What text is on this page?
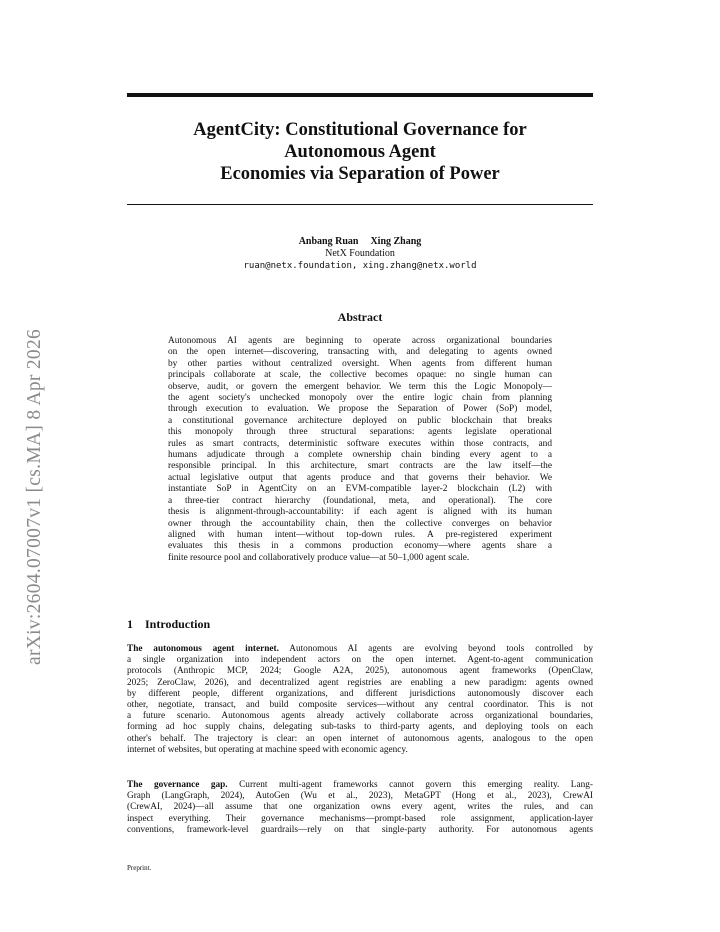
arXiv:2604.07007v1 [cs.MA] 8 Apr 2026
AgentCity: Constitutional Governance for
Autonomous Agent
Economies via Separation of Power
Anbang Ruan Xing Zhang
NetX Foundation
ruan@netx.foundation, xing.zhang@netx.world
Abstract
Autonomous AI agents are beginning to operate across organizational boundaries
on the open internet—discovering, transacting with, and delegating to agents owned
by other parties without centralized oversight. When agents from different human
principals collaborate at scale, the collective becomes opaque: no single human can
observe, audit, or govern the emergent behavior. We term this the Logic Monopoly—
the agent society's unchecked monopoly over the entire logic chain from planning
through execution to evaluation. We propose the Separation of Power (SoP) model,
a constitutional governance architecture deployed on public blockchain that breaks
this monopoly through three structural separations: agents legislate operational
rules as smart contracts, deterministic software executes within those contracts, and
humans adjudicate through a complete ownership chain binding every agent to a
responsible principal. In this architecture, smart contracts are the law itself—the
actual legislative output that agents produce and that governs their behavior. We
instantiate SoP in AgentCity on an EVM-compatible layer-2 blockchain (L2) with
a three-tier contract hierarchy (foundational, meta, and operational). The core
thesis is alignment-through-accountability: if each agent is aligned with its human
owner through the accountability chain, then the collective converges on behavior
aligned with human intent—without top-down rules. A pre-registered experiment
evaluates this thesis in a commons production economy—where agents share a
finite resource pool and collaboratively produce value—at 50–1,000 agent scale.
1 Introduction
The autonomous agent internet. Autonomous AI agents are evolving beyond tools controlled by
a single organization into independent actors on the open internet. Agent-to-agent communication
protocols (Anthropic MCP, 2024; Google A2A, 2025), autonomous agent frameworks (OpenClaw,
2025; ZeroClaw, 2026), and decentralized agent registries are enabling a new paradigm: agents owned
by different people, different organizations, and different jurisdictions autonomously discover each
other, negotiate, transact, and build composite services—without any central coordinator. This is not
a future scenario. Autonomous agents already actively collaborate across organizational boundaries,
forming ad hoc supply chains, delegating sub-tasks to third-party agents, and deploying tools on each
other's behalf. The trajectory is clear: an open internet of autonomous agents, analogous to the open
internet of websites, but operating at machine speed with economic agency.
The governance gap. Current multi-agent frameworks cannot govern this emerging reality. Lang-
Graph (LangGraph, 2024), AutoGen (Wu et al., 2023), MetaGPT (Hong et al., 2023), CrewAI
(CrewAI, 2024)—all assume that one organization owns every agent, writes the rules, and can
inspect everything. Their governance mechanisms—prompt-based role assignment, application-layer
conventions, framework-level guardrails—rely on that single-party authority. For autonomous agents
Preprint.
